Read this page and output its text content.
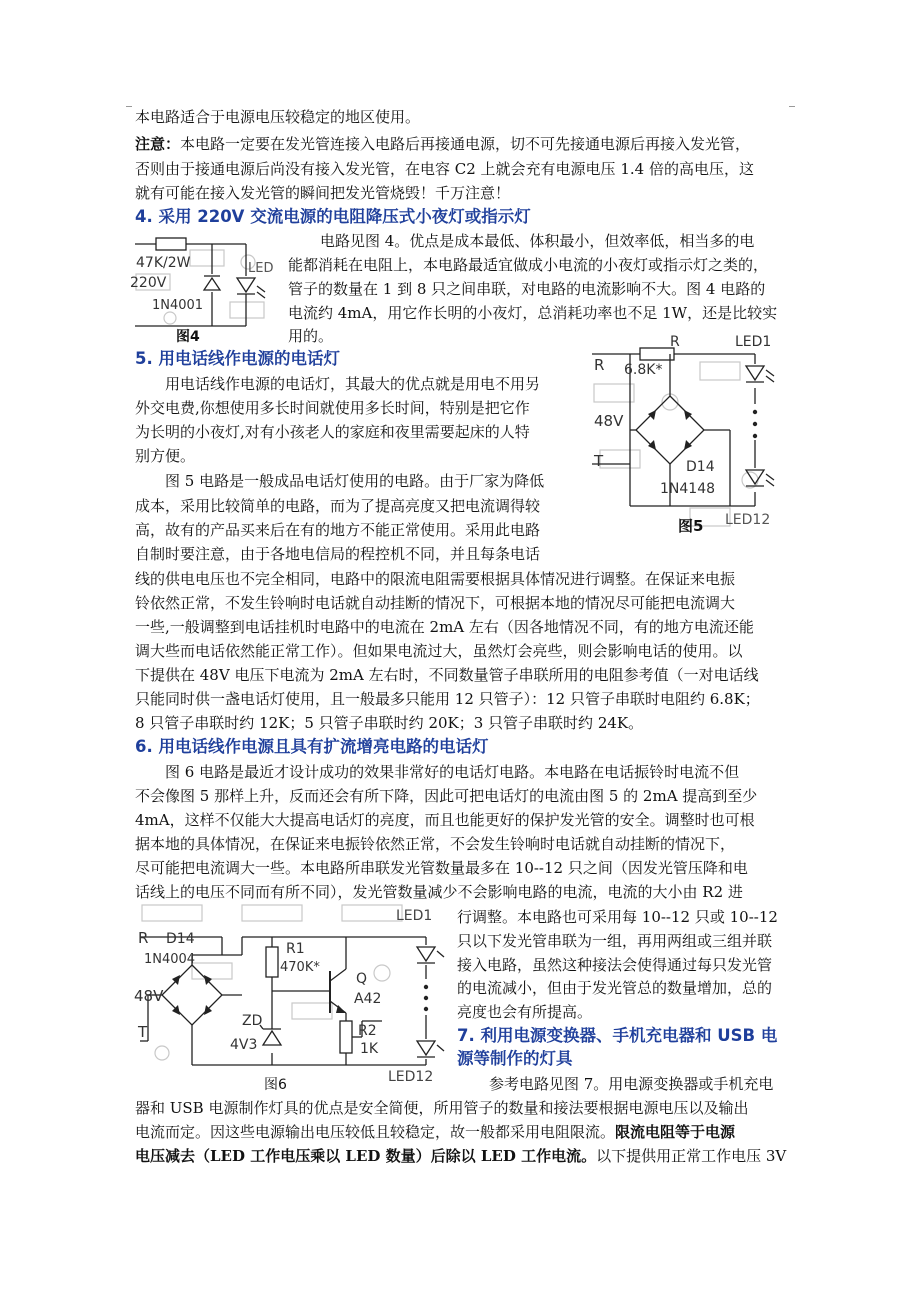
本电路适合于电源电压较稳定的地区使用。
注意：本电路一定要在发光管连接入电路后再接通电源，切不可先接通电源后再接入发光管，
否则由于接通电源后尚没有接入发光管，在电容 C2 上就会充有电源电压 1.4 倍的高电压，这
就有可能在接入发光管的瞬间把发光管烧毁！千万注意！
4. 采用 220V 交流电源的电阻降压式小夜灯或指示灯
47K/2W
220V
1N4001
LED
图4
电路见图 4。优点是成本最低、体积最小，但效率低，相当多的电
能都消耗在电阻上，本电路最适宜做成小电流的小夜灯或指示灯之类的，
管子的数量在 1 到 8 只之间串联，对电路的电流影响不大。图 4 电路的
电流约 4mA，用它作长明的小夜灯，总消耗功率也不足 1W，还是比较实
用的。
5. 用电话线作电源的电话灯
R	LED1
R 6.8K*
48V
T	D14
1N4148
LED12
图5
用电话线作电源的电话灯，其最大的优点就是用电不用另
外交电费,你想使用多长时间就使用多长时间，特别是把它作
为长明的小夜灯,对有小孩老人的家庭和夜里需要起床的人特
别方便。
图 5 电路是一般成品电话灯使用的电路。由于厂家为降低
成本，采用比较简单的电路，而为了提高亮度又把电流调得较
高，故有的产品买来后在有的地方不能正常使用。采用此电路
自制时要注意，由于各地电信局的程控机不同，并且每条电话
线的供电电压也不完全相同，电路中的限流电阻需要根据具体情况进行调整。在保证来电振
铃依然正常，不发生铃响时电话就自动挂断的情况下，可根据本地的情况尽可能把电流调大
一些,一般调整到电话挂机时电路中的电流在 2mA 左右（因各地情况不同，有的地方电流还能
调大些而电话依然能正常工作）。但如果电流过大，虽然灯会亮些，则会影响电话的使用。以
下提供在 48V 电压下电流为 2mA 左右时，不同数量管子串联所用的电阻参考值（一对电话线
只能同时供一盏电话灯使用，且一般最多只能用 12 只管子）：12 只管子串联时电阻约 6.8K；
8 只管子串联时约 12K；5 只管子串联时约 20K；3 只管子串联时约 24K。
6. 用电话线作电源且具有扩流增亮电路的电话灯
图 6 电路是最近才设计成功的效果非常好的电话灯电路。本电路在电话振铃时电流不但
不会像图 5 那样上升，反而还会有所下降，因此可把电话灯的电流由图 5 的 2mA 提高到至少
4mA，这样不仅能大大提高电话灯的亮度，而且也能更好的保护发光管的安全。调整时也可根
据本地的具体情况，在保证来电振铃依然正常，不会发生铃响时电话就自动挂断的情况下，
尽可能把电流调大一些。本电路所串联发光管数量最多在 10--12 只之间（因发光管压降和电
话线上的电压不同而有所不同），发光管数量减少不会影响电路的电流，电流的大小由 R2 进
R D14
1N4004
48V
T
R1
470K*
Q
A42
ZD
4V3
R2
1K
LED1
LED12
图6
行调整。本电路也可采用每 10--12 只或 10--12
只以下发光管串联为一组，再用两组或三组并联
接入电路，虽然这种接法会使得通过每只发光管
的电流减小，但由于发光管总的数量增加，总的
亮度也会有所提高。
7. 利用电源变换器、手机充电器和 USB 电
源等制作的灯具
参考电路见图 7。用电源变换器或手机充电
器和 USB 电源制作灯具的优点是安全简便，所用管子的数量和接法要根据电源电压以及输出
电流而定。因这些电源输出电压较低且较稳定，故一般都采用电阻限流。限流电阻等于电源
电压减去（LED 工作电压乘以 LED 数量）后除以 LED 工作电流。以下提供用正常工作电压 3V
